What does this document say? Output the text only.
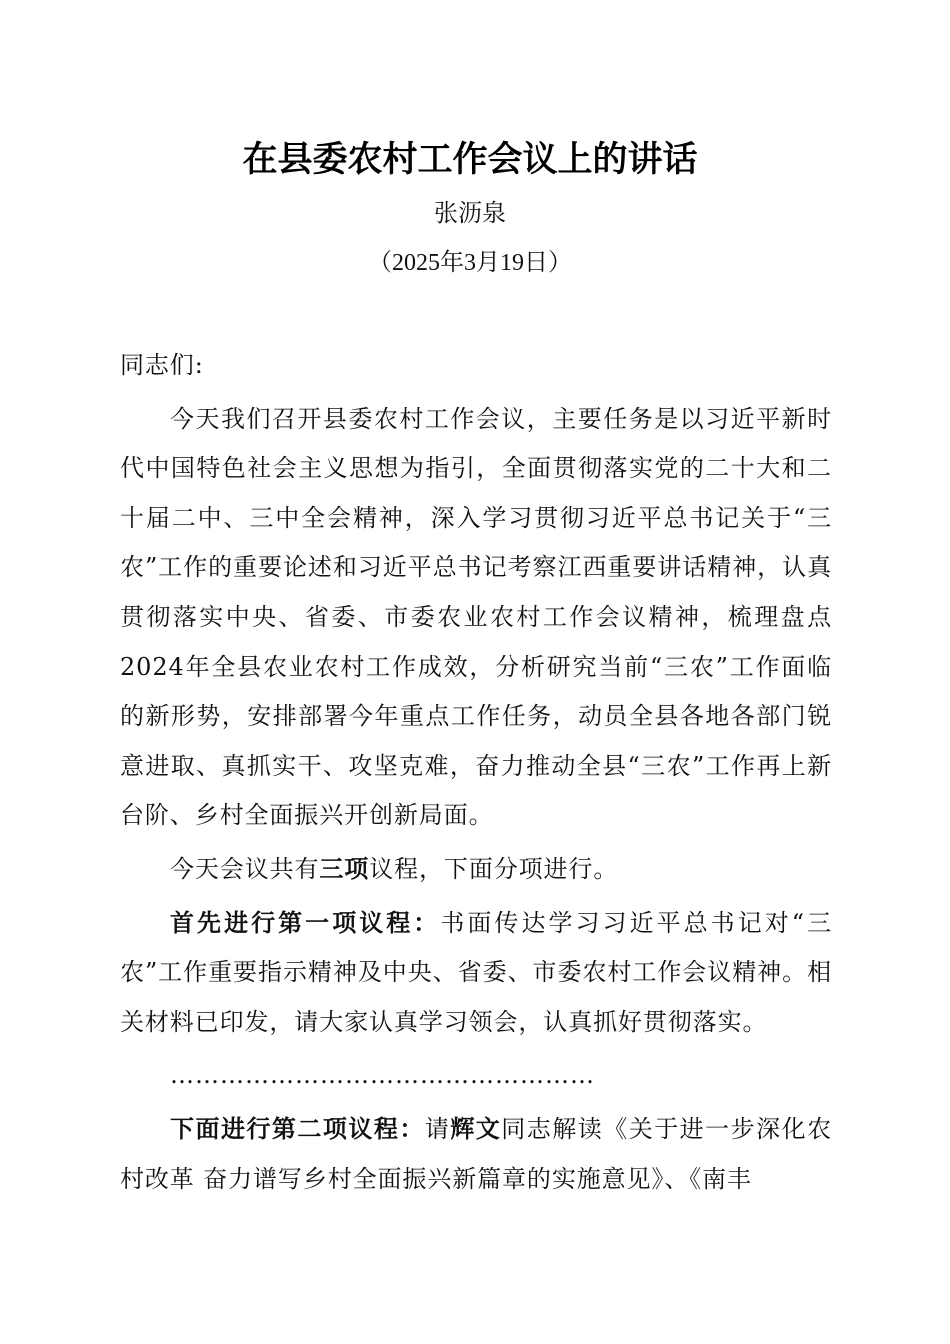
在县委农村工作会议上的讲话
张沥泉
（2025年3月19日）

同志们:

今天我们召开县委农村工作会议，主要任务是以习近平新时代中国特色社会主义思想为指引，全面贯彻落实党的二十大和二十届二中、三中全会精神，深入学习贯彻习近平总书记关于“三农”工作的重要论述和习近平总书记考察江西重要讲话精神，认真贯彻落实中央、省委、市委农业农村工作会议精神，梳理盘点2024年全县农业农村工作成效，分析研究当前“三农”工作面临的新形势，安排部署今年重点工作任务，动员全县各地各部门锐意进取、真抓实干、攻坚克难，奋力推动全县“三农”工作再上新台阶、乡村全面振兴开创新局面。

今天会议共有三项议程，下面分项进行。

首先进行第一项议程：书面传达学习习近平总书记对“三农”工作重要指示精神及中央、省委、市委农村工作会议精神。相关材料已印发，请大家认真学习领会，认真抓好贯彻落实。

……………………………………………

下面进行第二项议程：请辉文同志解读《关于进一步深化农村改革 奋力谱写乡村全面振兴新篇章的实施意见》、《南丰
